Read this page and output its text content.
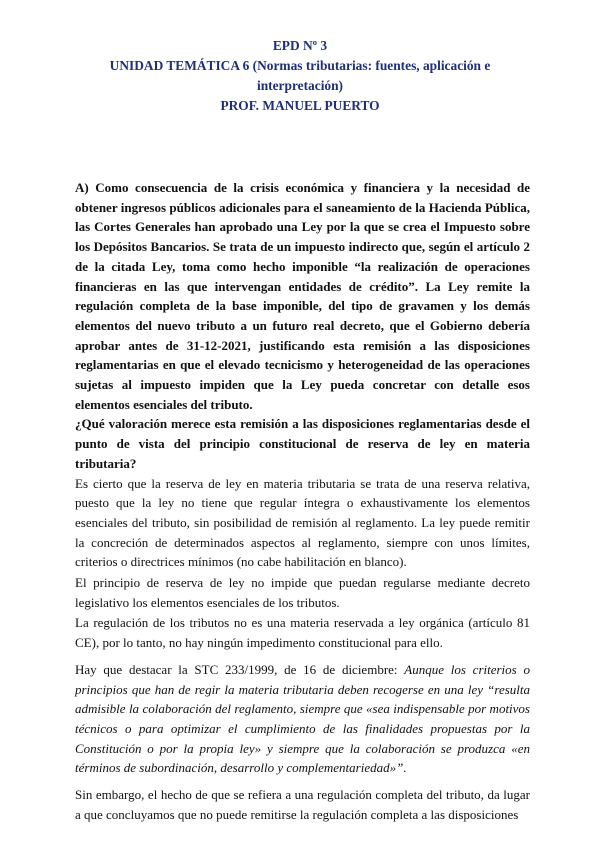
EPD Nº 3
UNIDAD TEMÁTICA 6 (Normas tributarias: fuentes, aplicación e
interpretación)
PROF. MANUEL PUERTO
A) Como consecuencia de la crisis económica y financiera y la necesidad de obtener ingresos públicos adicionales para el saneamiento de la Hacienda Pública, las Cortes Generales han aprobado una Ley por la que se crea el Impuesto sobre los Depósitos Bancarios. Se trata de un impuesto indirecto que, según el artículo 2 de la citada Ley, toma como hecho imponible “la realización de operaciones financieras en las que intervengan entidades de crédito”. La Ley remite la regulación completa de la base imponible, del tipo de gravamen y los demás elementos del nuevo tributo a un futuro real decreto, que el Gobierno debería aprobar antes de 31-12-2021, justificando esta remisión a las disposiciones reglamentarias en que el elevado tecnicismo y heterogeneidad de las operaciones sujetas al impuesto impiden que la Ley pueda concretar con detalle esos elementos esenciales del tributo.
¿Qué valoración merece esta remisión a las disposiciones reglamentarias desde el punto de vista del principio constitucional de reserva de ley en materia tributaria?

Es cierto que la reserva de ley en materia tributaria se trata de una reserva relativa, puesto que la ley no tiene que regular íntegra o exhaustivamente los elementos esenciales del tributo, sin posibilidad de remisión al reglamento. La ley puede remitir la concreción de determinados aspectos al reglamento, siempre con unos límites, criterios o directrices mínimos (no cabe habilitación en blanco).

El principio de reserva de ley no impide que puedan regularse mediante decreto legislativo los elementos esenciales de los tributos.

La regulación de los tributos no es una materia reservada a ley orgánica (artículo 81 CE), por lo tanto, no hay ningún impedimento constitucional para ello.

Hay que destacar la STC 233/1999, de 16 de diciembre: Aunque los criterios o principios que han de regir la materia tributaria deben recogerse en una ley “resulta admisible la colaboración del reglamento, siempre que «sea indispensable por motivos técnicos o para optimizar el cumplimiento de las finalidades propuestas por la Constitución o por la propia ley» y siempre que la colaboración se produzca «en términos de subordinación, desarrollo y complementariedad»”.

Sin embargo, el hecho de que se refiera a una regulación completa del tributo, da lugar a que concluyamos que no puede remitirse la regulación completa a las disposiciones
